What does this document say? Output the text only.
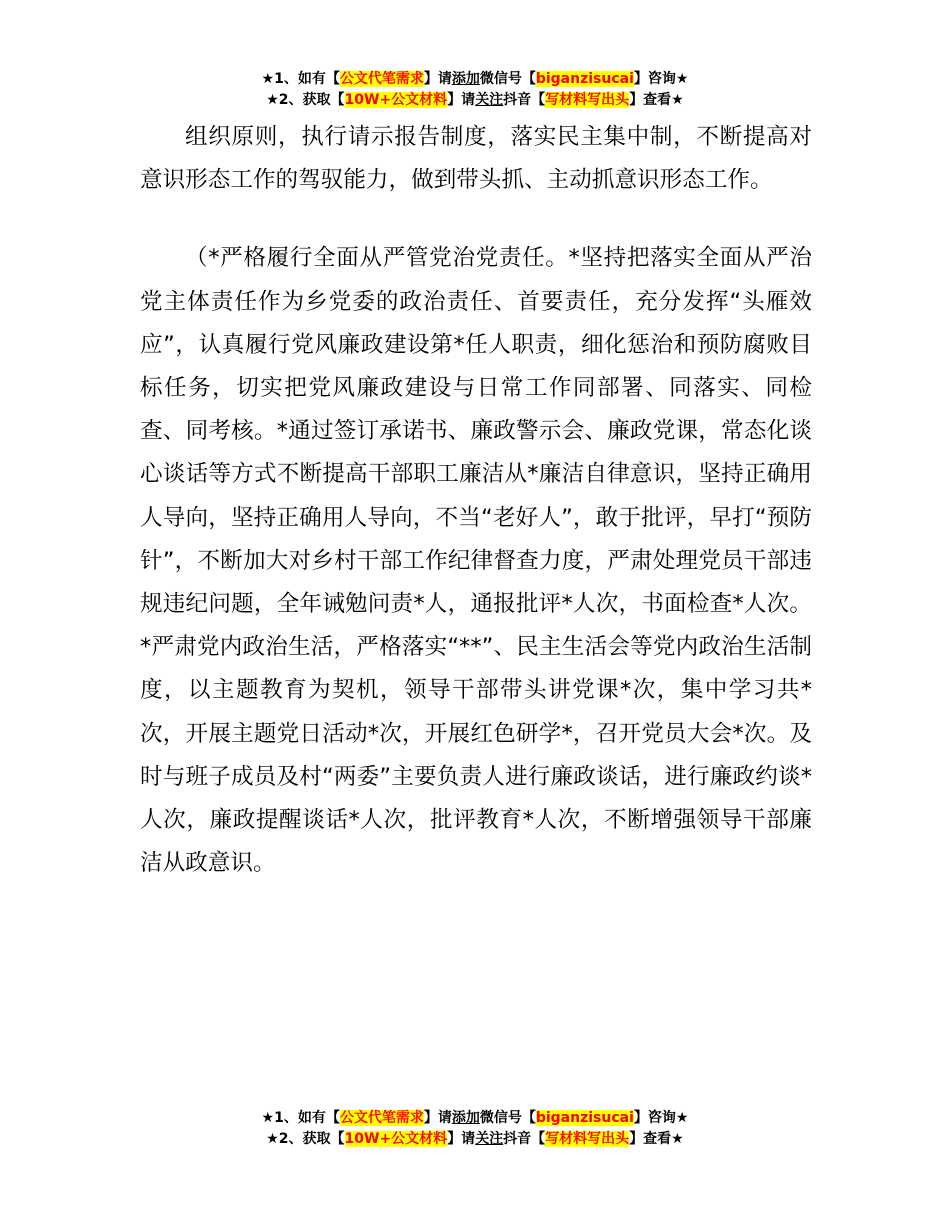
★1、如有【公文代笔需求】请添加微信号【biganzisucai】咨询★
★2、获取【10W+公文材料】请关注抖音【写材料写出头】查看★

组织原则，执行请示报告制度，落实民主集中制，不断提高对意识形态工作的驾驭能力，做到带头抓、主动抓意识形态工作。

（*严格履行全面从严管党治党责任。*坚持把落实全面从严治党主体责任作为乡党委的政治责任、首要责任，充分发挥“头雁效应”，认真履行党风廉政建设第*任人职责，细化惩治和预防腐败目标任务，切实把党风廉政建设与日常工作同部署、同落实、同检查、同考核。*通过签订承诺书、廉政警示会、廉政党课，常态化谈心谈话等方式不断提高干部职工廉洁从*廉洁自律意识，坚持正确用人导向，坚持正确用人导向，不当“老好人”，敢于批评，早打“预防针”，不断加大对乡村干部工作纪律督查力度，严肃处理党员干部违规违纪问题，全年诫勉问责*人，通报批评*人次，书面检查*人次。*严肃党内政治生活，严格落实“**”、民主生活会等党内政治生活制度，以主题教育为契机，领导干部带头讲党课*次，集中学习共*次，开展主题党日活动*次，开展红色研学*，召开党员大会*次。及时与班子成员及村“两委”主要负责人进行廉政谈话，进行廉政约谈*人次，廉政提醒谈话*人次，批评教育*人次，不断增强领导干部廉洁从政意识。

★1、如有【公文代笔需求】请添加微信号【biganzisucai】咨询★
★2、获取【10W+公文材料】请关注抖音【写材料写出头】查看★
